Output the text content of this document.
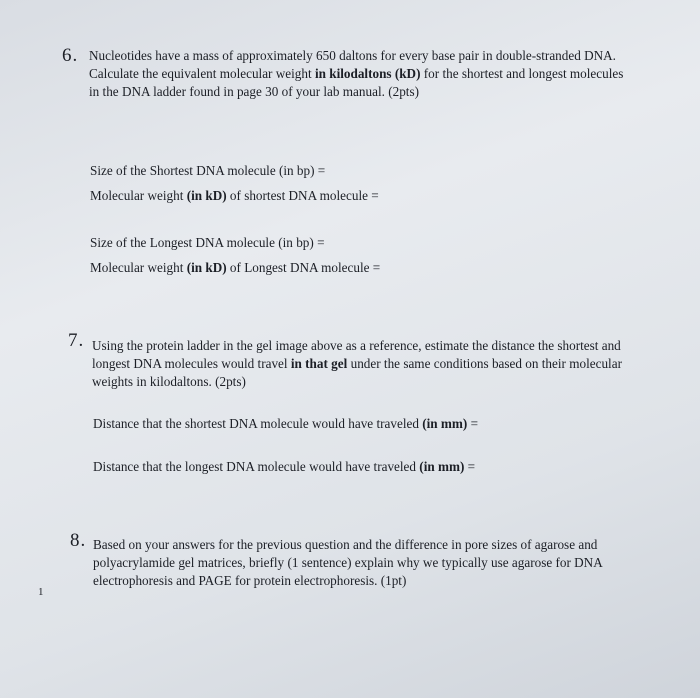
6. Nucleotides have a mass of approximately 650 daltons for every base pair in double-stranded DNA. Calculate the equivalent molecular weight in kilodaltons (kD) for the shortest and longest molecules in the DNA ladder found in page 30 of your lab manual. (2pts)
Size of the Shortest DNA molecule (in bp) =
Molecular weight (in kD) of shortest DNA molecule =
Size of the Longest DNA molecule (in bp) =
Molecular weight (in kD) of Longest DNA molecule =
7. Using the protein ladder in the gel image above as a reference, estimate the distance the shortest and longest DNA molecules would travel in that gel under the same conditions based on their molecular weights in kilodaltons. (2pts)
Distance that the shortest DNA molecule would have traveled (in mm) =
Distance that the longest DNA molecule would have traveled (in mm) =
8. Based on your answers for the previous question and the difference in pore sizes of agarose and polyacrylamide gel matrices, briefly (1 sentence) explain why we typically use agarose for DNA electrophoresis and PAGE for protein electrophoresis. (1pt)
1
